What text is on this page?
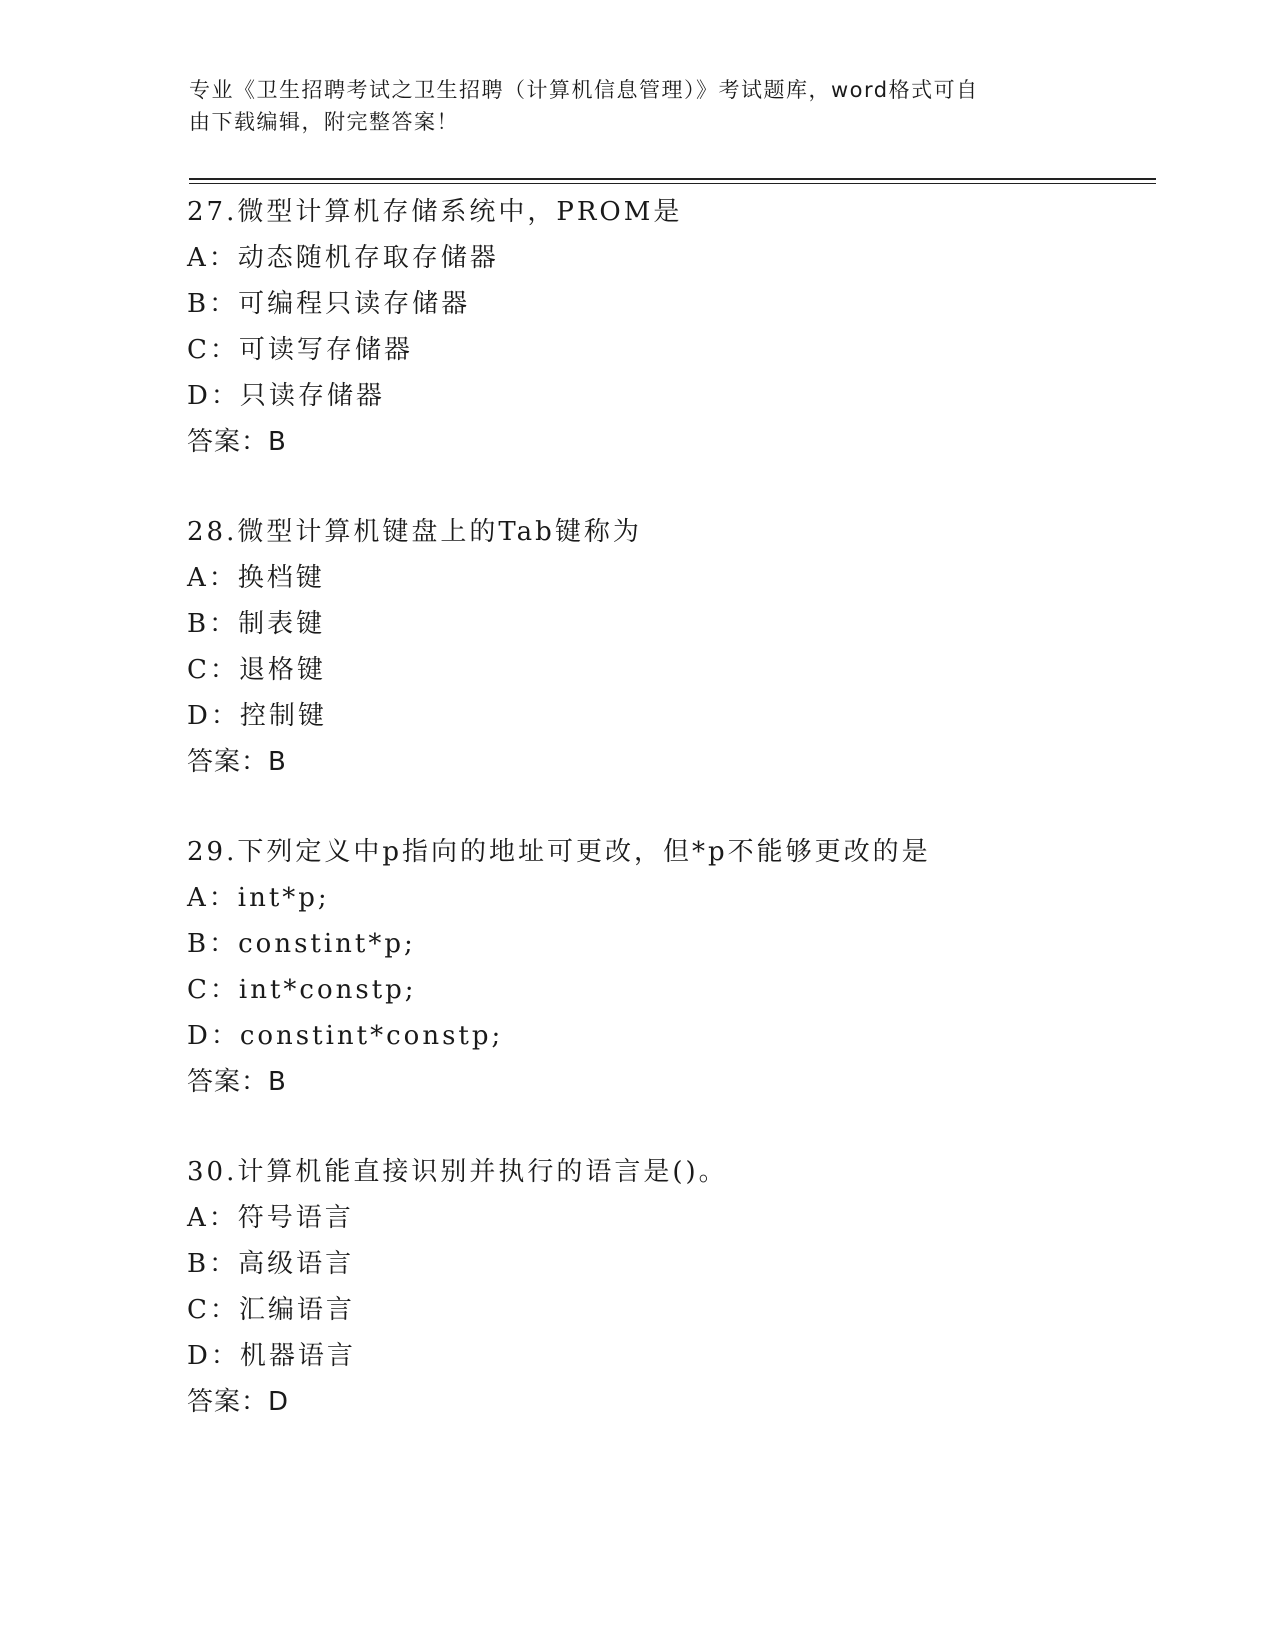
专业《卫生招聘考试之卫生招聘（计算机信息管理）》考试题库，word格式可自
由下载编辑，附完整答案！
27.微型计算机存储系统中，PROM是
A：动态随机存取存储器
B：可编程只读存储器
C：可读写存储器
D：只读存储器
答案：B
28.微型计算机键盘上的Tab键称为
A：换档键
B：制表键
C：退格键
D：控制键
答案：B
29.下列定义中p指向的地址可更改，但*p不能够更改的是
A：int*p;
B：constint*p;
C：int*constp;
D：constint*constp;
答案：B
30.计算机能直接识别并执行的语言是()。
A：符号语言
B：高级语言
C：汇编语言
D：机器语言
答案：D
